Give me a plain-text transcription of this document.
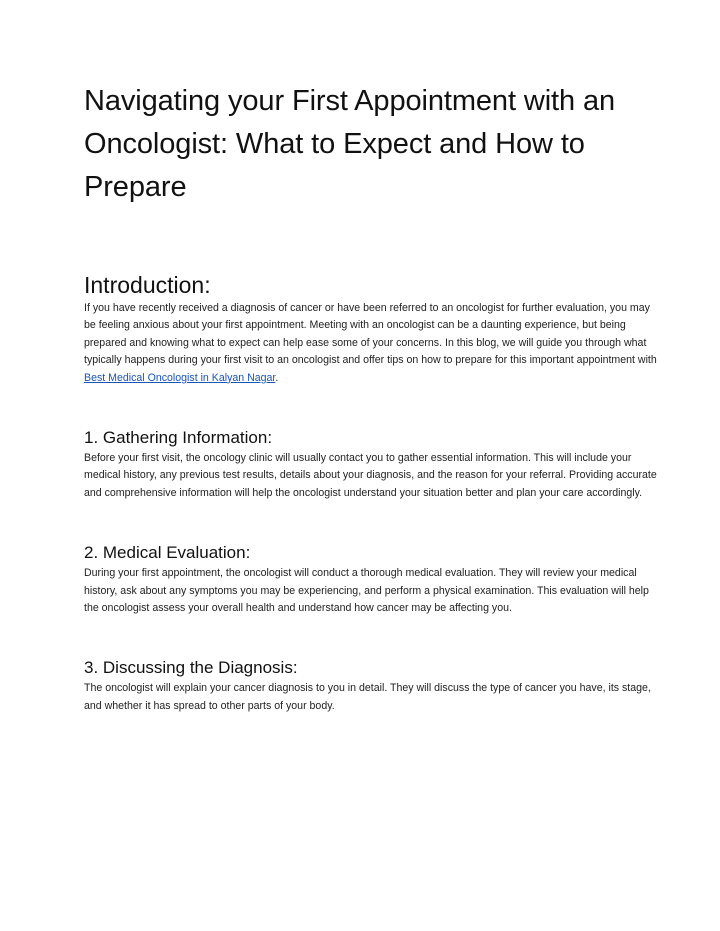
Navigating your First Appointment with an Oncologist: What to Expect and How to Prepare
Introduction:

If you have recently received a diagnosis of cancer or have been referred to an oncologist for further evaluation, you may be feeling anxious about your first appointment. Meeting with an oncologist can be a daunting experience, but being prepared and knowing what to expect can help ease some of your concerns. In this blog, we will guide you through what typically happens during your first visit to an oncologist and offer tips on how to prepare for this important appointment with Best Medical Oncologist in Kalyan Nagar.

1. Gathering Information:

Before your first visit, the oncology clinic will usually contact you to gather essential information. This will include your medical history, any previous test results, details about your diagnosis, and the reason for your referral. Providing accurate and comprehensive information will help the oncologist understand your situation better and plan your care accordingly.

2. Medical Evaluation:

During your first appointment, the oncologist will conduct a thorough medical evaluation. They will review your medical history, ask about any symptoms you may be experiencing, and perform a physical examination. This evaluation will help the oncologist assess your overall health and understand how cancer may be affecting you.

3. Discussing the Diagnosis:

The oncologist will explain your cancer diagnosis to you in detail. They will discuss the type of cancer you have, its stage, and whether it has spread to other parts of your body.
